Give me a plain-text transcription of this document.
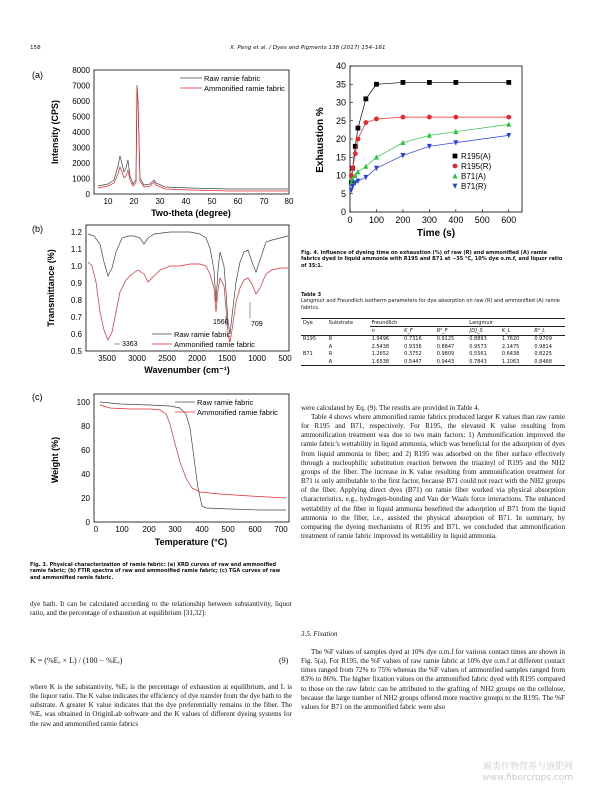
158	X. Peng et al. / Dyes and Pigments 138 (2017) 154–161
(a)
0
1000
2000
3000
4000
5000
6000
7000
8000
10 20 30 40 50 60 70 80
Two-theta (degree)
Intensity (CPS)
Raw ramie fabric
Ammonified ramie fabric
(b)
0.5
0.6
0.7
0.8
0.9
1.0
1.1
1.2
3500 3000 2500 2000 1500 1000 500
Wavenumber (cm⁻¹)
Transmittance (%)
3363
1560	709
Raw ramie fabric
Ammonified ramie fabric
(c)
0
20
40
60
80
100
0 100 200 300 400 500 600 700
Temperature (°C)
Weight (%)
Raw ramie fabric
Ammonified ramie fabric
Fig. 3. Physical characterization of ramie fabric: (a) XRD curves of raw and ammonified ramie fabric; (b) FTIR spectra of raw and ammonified ramie fabric; (c) TGA curves of raw and ammonified ramie fabric.
0
5
10
15
20
25
30
35
40
0 100 200 300 400 500 600
Time (s)
Exhaustion %	R195(A)
R195(R)
B71(A)
B71(R)
Fig. 4. Influence of dyeing time on exhaustion (%) of raw (R) and ammonified (A) ramie fabrics dyed in liquid ammonia with R195 and B71 at −35 °C, 10% dye o.m.f, and liquor ratio of 35:1.
Table 3
Langmuir and Freundlich isotherm parameters for dye absorption on raw (R) and ammonified (A) ramie fabrics.
Dye	Substrate	Freundlich			Langmuir		
		n	K_F	R²_F	[D]_S	K_L	R²_L
R195	R	1.9496	0.7316	0.9125	0.8893	1.7620	0.9709
	A	2.5438	0.9336	0.8847	0.9573	2.1475	0.9814
B71	R	1.2652	0.3752	0.9809	0.5561	0.6438	0.8225
	A	1.6538	0.5447	0.9443	0.7843	1.1063	0.8468
dye bath. It can be calculated according to the relationship between substantivity, liquor ratio, and the percentage of exhaustion at equilibrium [31,32]:
K = (%Eₑ × L) / (100 − %Eₑ)	(9)
where K is the substantivity, %Eₑ is the percentage of exhaustion at equilibrium, and L is the liquor ratio. The K value indicates the efficiency of dye transfer from the dye bath to the substrate. A greater K value indicates that the dye preferentially remains in the fiber. The %Eₑ was obtained in OriginLab software and the K values of different dyeing systems for the raw and ammonified ramie fabrics
were calculated by Eq. (9). The results are provided in Table 4.
Table 4 shows where ammonified ramie fabrics produced larger K values than raw ramie for R195 and B71, respectively. For R195, the elevated K value resulting from ammonification treatment was due to two main factors: 1) Ammonification improved the ramie fabric's wettability in liquid ammonia, which was beneficial for the adsorption of dyes from liquid ammonia to fiber; and 2) R195 was adsorbed on the fiber surface effectively through a nucleophilic substitution reaction between the triazinyl of R195 and the NH2 groups of the fiber. The increase in K value resulting from ammonification treatment for B71 is only attributable to the first factor, because B71 could not react with the NH2 groups of the fiber. Applying direct dyes (B71) on ramie fiber worked via physical absorption characteristics, e.g., hydrogen-bonding and Van der Waals force interactions. The enhanced wettability of the fiber in liquid ammonia benefitted the adsorption of B71 from the liquid ammonia to the fiber, i.e., assisted the physical absorption of B71. In summary, by comparing the dyeing mechanisms of R195 and B71, we concluded that ammonification treatment of ramie fabric improved its wettability in liquid ammonia.
3.5. Fixation
The %F values of samples dyed at 10% dye o.m.f for various contact times are shown in Fig. 5(a). For R195, the %F values of raw ramie fabric at 10% dye o.m.f at different contact times ranged from 72% to 75% whereas the %F values of ammonified samples ranged from 83% to 86%. The higher fixation values on the ammonified fabric dyed with R195 compared to those on the raw fabric can be attributed to the grafting of NH2 groups on the cellulose, because the large number of NH2 groups offered more reactive groups to the R195. The %F values for B71 on the ammonified fabric were also
麻类作物营养与施肥网
www.fibercrops.com
